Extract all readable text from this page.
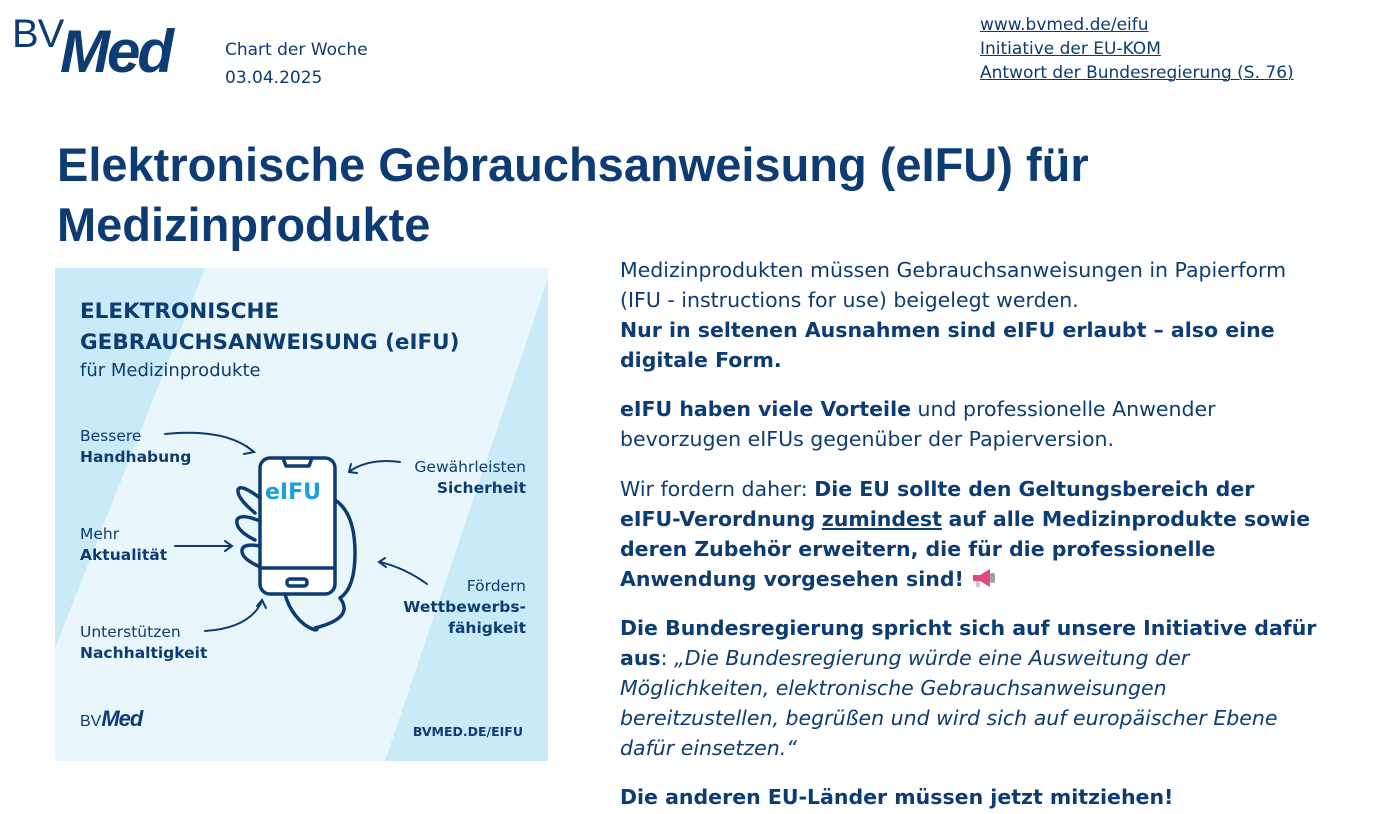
BV
Med	Chart der Woche
03.04.2025
www.bvmed.de/eifu
Initiative der EU-KOM
Antwort der Bundesregierung (S. 76)
Elektronische Gebrauchsanweisung (eIFU) für
Medizinprodukte
ELEKTRONISCHE
GEBRAUCHSANWEISUNG (eIFU)
für Medizinprodukte
eIFU
Bessere
Handhabung
Gewährleisten
Sicherheit
Mehr
Aktualität
Fördern
Wettbewerbs-
fähigkeit
Unterstützen
Nachhaltigkeit
BVMed
BVMED.DE/EIFU

Medizinprodukten müssen Gebrauchsanweisungen in Papierform (IFU - instructions for use) beigelegt werden.
Nur in seltenen Ausnahmen sind eIFU erlaubt – also eine digitale Form.

eIFU haben viele Vorteile und professionelle Anwender bevorzugen eIFUs gegenüber der Papierversion.

Wir fordern daher: Die EU sollte den Geltungsbereich der eIFU-Verordnung zumindest auf alle Medizinprodukte sowie deren Zubehör erweitern, die für die professionelle Anwendung vorgesehen sind!

Die Bundesregierung spricht sich auf unsere Initiative dafür aus: „Die Bundesregierung würde eine Ausweitung der Möglichkeiten, elektronische Gebrauchsanweisungen bereitzustellen, begrüßen und wird sich auf europäischer Ebene dafür einsetzen.“

Die anderen EU-Länder müssen jetzt mitziehen!
